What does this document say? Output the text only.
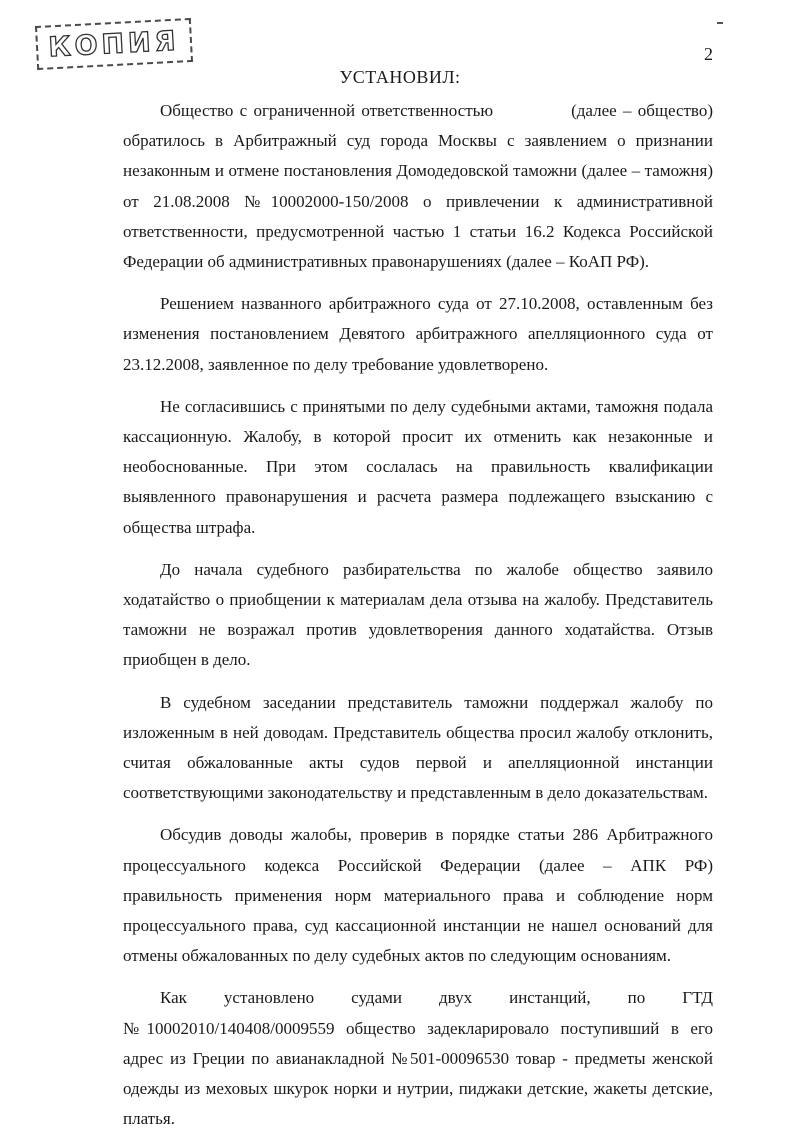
КОПИЯ	2
УСТАНОВИЛ:

Общество с ограниченной ответственностью	(далее – общество) обратилось в Арбитражный суд города Москвы с заявлением о признании незаконным и отмене постановления Домодедовской таможни (далее – таможня) от 21.08.2008 №10002000-150/2008 о привлечении к административной ответственности, предусмотренной частью 1 статьи 16.2 Кодекса Российской Федерации об административных правонарушениях (далее – КоАП РФ).

Решением названного арбитражного суда от 27.10.2008, оставленным без изменения постановлением Девятого арбитражного апелляционного суда от 23.12.2008, заявленное по делу требование удовлетворено.

Не согласившись с принятыми по делу судебными актами, таможня подала кассационную. Жалобу, в которой просит их отменить как незаконные и необоснованные. При этом сослалась на правильность квалификации выявленного правонарушения и расчета размера подлежащего взысканию с общества штрафа.

До начала судебного разбирательства по жалобе общество заявило ходатайство о приобщении к материалам дела отзыва на жалобу. Представитель таможни не возражал против удовлетворения данного ходатайства. Отзыв приобщен в дело.

В судебном заседании представитель таможни поддержал жалобу по изложенным в ней доводам. Представитель общества просил жалобу отклонить, считая обжалованные акты судов первой и апелляционной инстанции соответствующими законодательству и представленным в дело доказательствам.

Обсудив доводы жалобы, проверив в порядке статьи 286 Арбитражного процессуального кодекса Российской Федерации (далее – АПК РФ) правильность применения норм материального права и соблюдение норм процессуального права, суд кассационной инстанции не нашел оснований для отмены обжалованных по делу судебных актов по следующим основаниям.

Как установлено судами двух инстанций, по ГТД №10002010/140408/0009559 общество задекларировало поступивший в его адрес из Греции по авианакладной №501-00096530 товар - предметы женской одежды из меховых шкурок норки и нутрии, пиджаки детские, жакеты детские, платья.
